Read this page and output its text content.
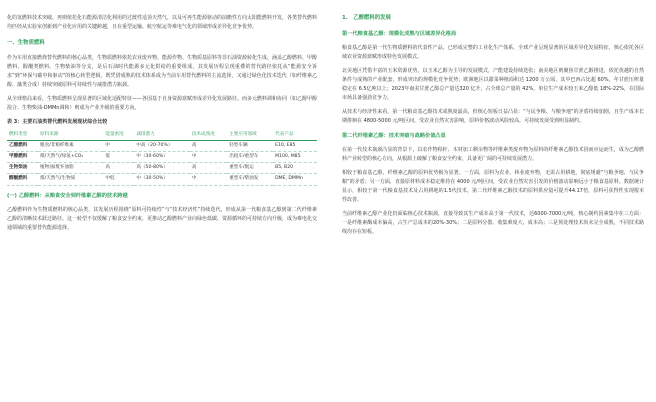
化的氢燃料技术突破。再则依托化石能源清洁化利用的过渡性适顶天然气，以及可再生能源驱动的前瞻性方向太阳能燃料开发，各类替代燃料均匹经从实验室创新到产业化应用的关键跨越，且在重型运输、航空航运等难电气化的领域形成差异化竞争优势。

一、生物质燃料

作为车用直接燃烧替代燃料的核心品类，生物质燃料依托农业废弃物、能源作物、生物质基原料等非石油资源转化生成，涵盖乙醇燃料、甲醇燃料、醇醚类燃料、生物柴油等分支，是后石油时代能源多元化供给的重要组成。其发展历程呈现重叠的替代路径依托从“能源安全诉求”到“环保与碳中和驱动”的核心转型逻辑，既凭借成熟的技术体系成为当前车用替代燃料的主流选择，又通过绿色化技术迭代（如纤维素乙醇、藻类合成）持续突破原料可持续性与减排潜力瓶颈。

从全球格局来看，生物质燃料呈现显著的区域化适配特征——各国基于自身资源禀赋形成差异化发展路径。而多元燃料调和协同（如乙醇甲醇混合、生物柴油-DMMn调和）则成为产业升级的重要方向。

表 3：主要石油类替代燃料发展现状综合比较
燃料类型	原料来源	能量密度	减排潜力	技术成熟度	主要应用领域	代表产品
乙醇燃料	粮食/非粮纤维素	中	中高（20-70%）	高	轻型车辆	E10, E85
甲醇燃料	煤/天然气/绿氢+CO₂	低	中（30-60%）	中	出租车/重型车	M100, M85
生物柴油	植物油/废弃油脂	高	高（50-80%）	高	重型车/航运	B5, B20
醇醚燃料	煤/天然气/生物质	中低	中（30-50%）	中	重型车/柴油发	DME, DMMn
(一) 乙醇燃料：从粮食安全到纤维素乙醇的技术跨越

乙醇燃料作为生物质燃料的核心品类，其发展历程围绕“原料可持续性”与“技术经济性”持续迭代，形成从第一代粮食基乙醇到第二代纤维素乙醇的清晰技术跃迁路径。这一转型不仅缓解了粮食安全约束，更推动乙醇燃料产业向绿色低碳、资源循环的可持续方向升级，成为难电化交通领域的重要替代能源选择。

1.　乙醇燃料的发展
第一代粮食基乙醇：规模化成熟与区域差异化格局

粮食基乙醇是第一代生物质燃料的代表性产品，已形成完整的工业化生产体系，全球产业呈现显著的区域差异化发展特征，核心依托各区域农业资源禀赋形成特色发展模式。

北美地区凭借丰富的玉米资源优势，以玉米乙醇为主导的发展模式，产能建设持续迭张；南美地区则聚焦甘蔗乙醇推进，依托优越的自然条件与成熟的产业配套，形成突出的规模化竞争优势；欧洲地区以甜菜种植面积达 1200 万公顷，其中巴西占比超 60%，年甘蔗压榨量稳定在 6.5亿吨以上；2023年南美甘蔗乙醇总产量达320 亿升，占全球总产量的 42%，单位生产成本较玉米乙醇低 18%-22%，在国际市场具备强劲竞争力。

从技术与经济性来看，第一代粮食基乙醇技术成熟度最高，但核心短板日益凸显：“与民争粮、与粮争地”的矛盾持续加剧，且生产成本长期徘徊在 4800-5000 元/吨区间，受农业自然灾害影响，原料价格波动风险较高，可持续发展受到明显制约。

第二代纤维素乙醇：技术突破与战略价值凸显

在第一代技术瓶颈凸显的背景下，以农作物秸秆、木材加工剩余物等纤维素类废弃物为原料的纤维素乙醇技术因而应运而生，成为乙醇燃料产业转型的核心方向，从根源上破解了粮食安全约束，具备更广阔的可持续发展潜力。

相较于粮食基乙醇，纤维素乙醇的原料优势极为显著。一方面，原料为农业、林业废弃物，无需占用耕地，彻底规避“与粮争地、与民争粮”的矛盾；另一方面，直接原材料成本稳定维持在 4000 元/吨区间，受农业自然灾害引发的价格波动影响远小于粮食基原料。数据统计显示，相较于第一代粮食基技术及占用耕地的1.5代技术，第二代纤维素乙醇技术的原料供应量可提升44.17倍，原料可获得性实现根本性改善。

当前纤维素乙醇产业化仍面临核心技术瓶颈，直接导致其生产成本高于第一代技术，达6000-7000元/吨。核心制约因素集中在三方面：一是纤维素酶成本偏高，占生产总成本的20%-30%；二是原料分散、收集难度大、成本高；三是预处理技术尚未完全成熟，不同技术路线均存在短板。
